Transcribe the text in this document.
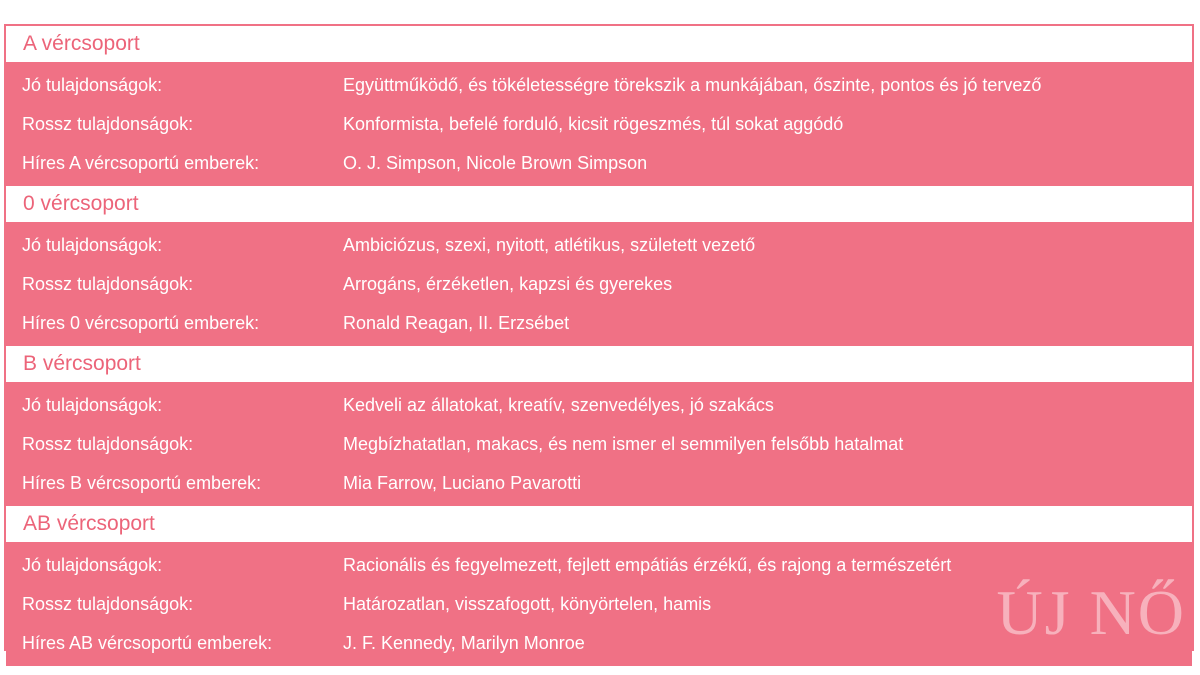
A vércsoport
Jó tulajdonságok:	Együttműködő, és tökéletességre törekszik a munkájában, őszinte, pontos és jó tervező
Rossz tulajdonságok:	Konformista, befelé forduló, kicsit rögeszmés, túl sokat aggódó
Híres A vércsoportú emberek:	O. J. Simpson, Nicole Brown Simpson
0 vércsoport
Jó tulajdonságok:	Ambiciózus, szexi, nyitott, atlétikus, született vezető
Rossz tulajdonságok:	Arrogáns, érzéketlen, kapzsi és gyerekes
Híres 0 vércsoportú emberek:	Ronald Reagan, II. Erzsébet
B vércsoport
Jó tulajdonságok:	Kedveli az állatokat, kreatív, szenvedélyes, jó szakács
Rossz tulajdonságok:	Megbízhatatlan, makacs, és nem ismer el semmilyen felsőbb hatalmat
Híres B vércsoportú emberek:	Mia Farrow, Luciano Pavarotti
AB vércsoport
Jó tulajdonságok:	Racionális és fegyelmezett, fejlett empátiás érzékű, és rajong a természetért
Rossz tulajdonságok:	Határozatlan, visszafogott, könyörtelen, hamis
Híres AB vércsoportú emberek:	J. F. Kennedy, Marilyn Monroe	ÚJ NŐ
